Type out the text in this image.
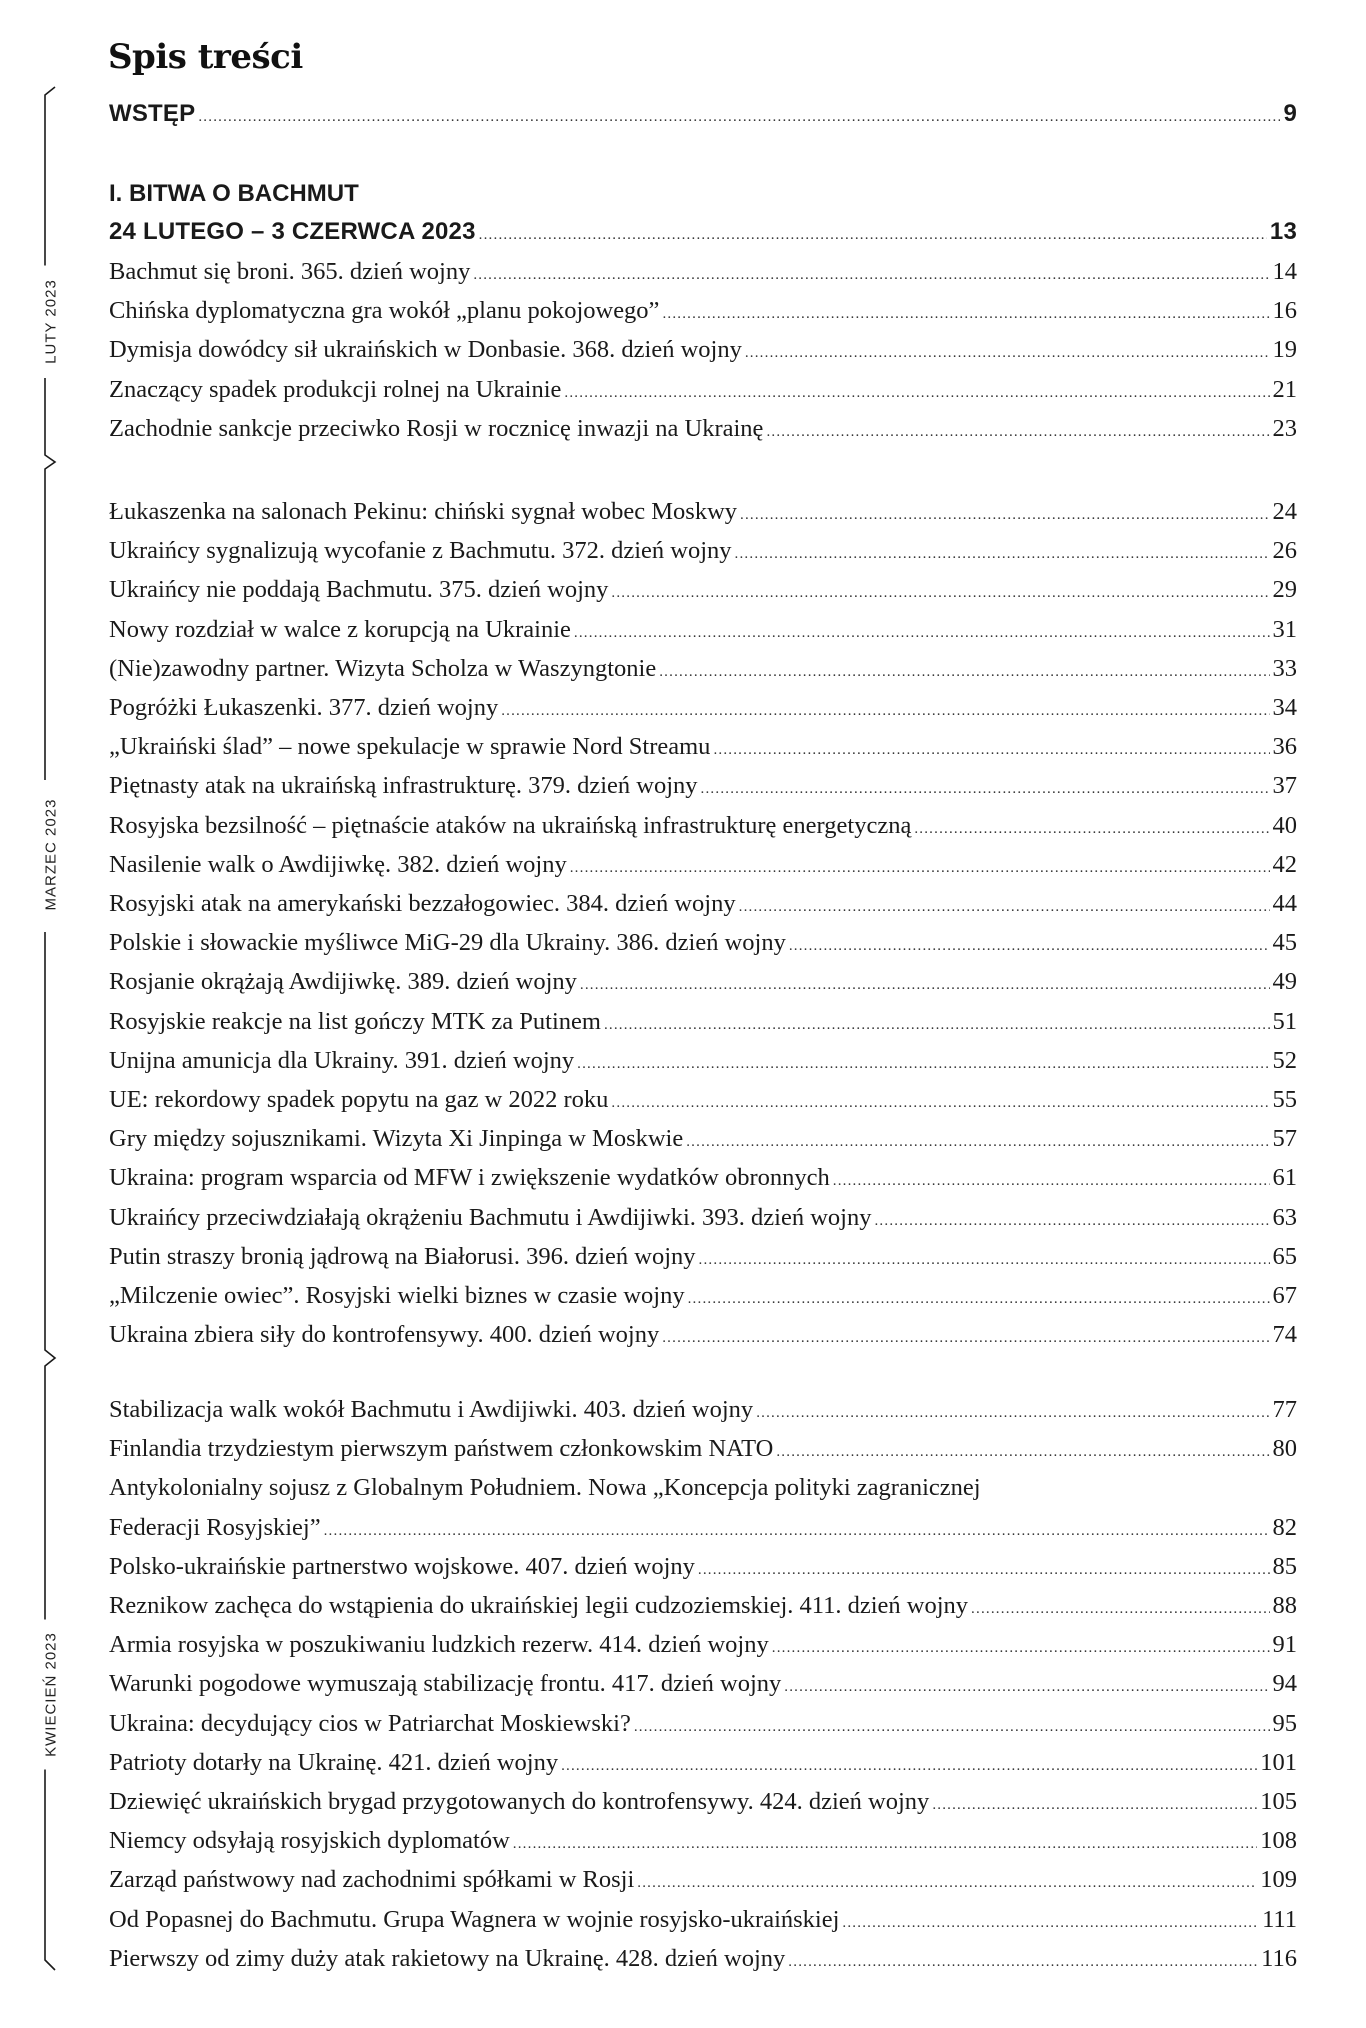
Spis treści
LUTY 2023
MARZEC 2023
KWIECIEŃ 2023
WSTĘP .....	9
I. BITWA O BACHMUT
24 LUTEGO – 3 CZERWCA 2023 .....	13
Bachmut się broni. 365. dzień wojny .....	14
Chińska dyplomatyczna gra wokół „planu pokojowego” .....	16
Dymisja dowódcy sił ukraińskich w Donbasie. 368. dzień wojny .....	19
Znaczący spadek produkcji rolnej na Ukrainie .....	21
Zachodnie sankcje przeciwko Rosji w rocznicę inwazji na Ukrainę .....	23
Łukaszenka na salonach Pekinu: chiński sygnał wobec Moskwy .....	24
Ukraińcy sygnalizują wycofanie z Bachmutu. 372. dzień wojny .....	26
Ukraińcy nie poddają Bachmutu. 375. dzień wojny .....	29
Nowy rozdział w walce z korupcją na Ukrainie .....	31
(Nie)zawodny partner. Wizyta Scholza w Waszyngtonie .....	33
Pogróżki Łukaszenki. 377. dzień wojny .....	34
„Ukraiński ślad” – nowe spekulacje w sprawie Nord Streamu .....	36
Piętnasty atak na ukraińską infrastrukturę. 379. dzień wojny .....	37
Rosyjska bezsilność – piętnaście ataków na ukraińską infrastrukturę energetyczną .....	40
Nasilenie walk o Awdijiwkę. 382. dzień wojny .....	42
Rosyjski atak na amerykański bezzałogowiec. 384. dzień wojny .....	44
Polskie i słowackie myśliwce MiG-29 dla Ukrainy. 386. dzień wojny .....	45
Rosjanie okrążają Awdijiwkę. 389. dzień wojny .....	49
Rosyjskie reakcje na list gończy MTK za Putinem .....	51
Unijna amunicja dla Ukrainy. 391. dzień wojny .....	52
UE: rekordowy spadek popytu na gaz w 2022 roku .....	55
Gry między sojusznikami. Wizyta Xi Jinpinga w Moskwie .....	57
Ukraina: program wsparcia od MFW i zwiększenie wydatków obronnych .....	61
Ukraińcy przeciwdziałają okrążeniu Bachmutu i Awdijiwki. 393. dzień wojny .....	63
Putin straszy bronią jądrową na Białorusi. 396. dzień wojny .....	65
„Milczenie owiec”. Rosyjski wielki biznes w czasie wojny .....	67
Ukraina zbiera siły do kontrofensywy. 400. dzień wojny .....	74
Stabilizacja walk wokół Bachmutu i Awdijiwki. 403. dzień wojny .....	77
Finlandia trzydziestym pierwszym państwem członkowskim NATO .....	80
Antykolonialny sojusz z Globalnym Południem. Nowa „Koncepcja polityki zagranicznej
Federacji Rosyjskiej” .....	82
Polsko-ukraińskie partnerstwo wojskowe. 407. dzień wojny .....	85
Reznikow zachęca do wstąpienia do ukraińskiej legii cudzoziemskiej. 411. dzień wojny .....	88
Armia rosyjska w poszukiwaniu ludzkich rezerw. 414. dzień wojny .....	91
Warunki pogodowe wymuszają stabilizację frontu. 417. dzień wojny .....	94
Ukraina: decydujący cios w Patriarchat Moskiewski? .....	95
Patrioty dotarły na Ukrainę. 421. dzień wojny .....	101
Dziewięć ukraińskich brygad przygotowanych do kontrofensywy. 424. dzień wojny .....	105
Niemcy odsyłają rosyjskich dyplomatów .....	108
Zarząd państwowy nad zachodnimi spółkami w Rosji .....	109
Od Popasnej do Bachmutu. Grupa Wagnera w wojnie rosyjsko-ukraińskiej .....	111
Pierwszy od zimy duży atak rakietowy na Ukrainę. 428. dzień wojny .....	116
